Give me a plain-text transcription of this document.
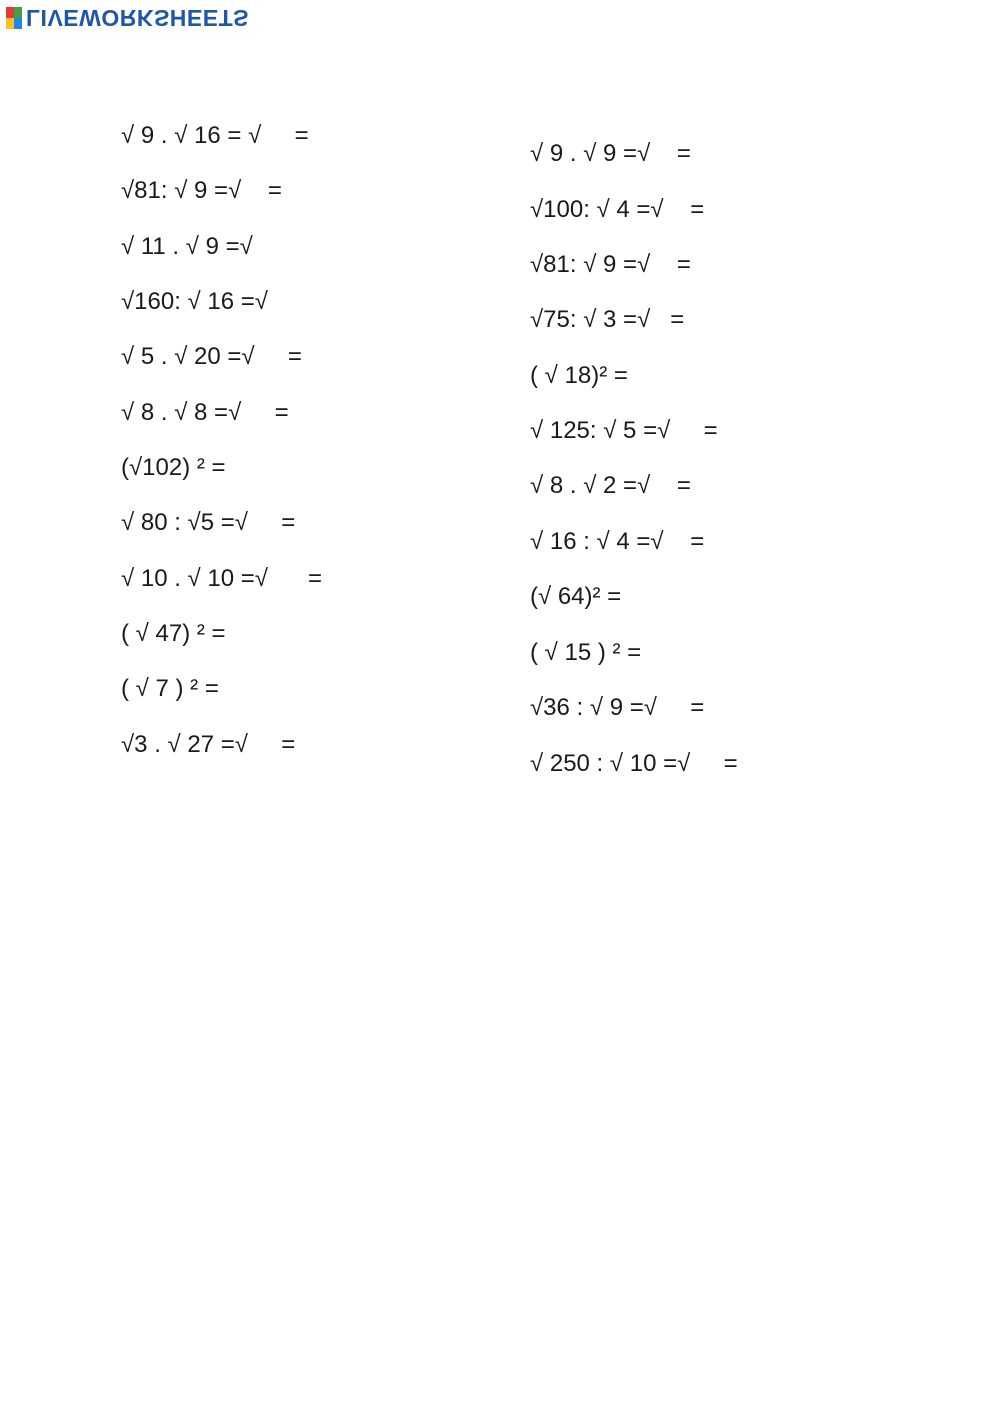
LIVEWORKSHEETS
√ 9 . √ 16 = √     =
√81: √ 9 =√    =
√ 11 . √ 9 =√
√160: √ 16 =√
√ 5 . √ 20 =√     =
√ 8 . √ 8 =√     =
(√102) ² =
√ 80 : √5 =√     =
√ 10 . √ 10 =√      =
( √ 47) ² =
( √ 7 ) ² =
√3 . √ 27 =√     =
√ 9 . √ 9 =√    =
√100: √ 4 =√    =
√81: √ 9 =√    =
√75: √ 3 =√   =
( √ 18)² =
√ 125: √ 5 =√     =
√ 8 . √ 2 =√    =
√ 16 : √ 4 =√    =
(√ 64)² =
( √ 15 ) ² =
√36 : √ 9 =√     =
√ 250 : √ 10 =√     =
